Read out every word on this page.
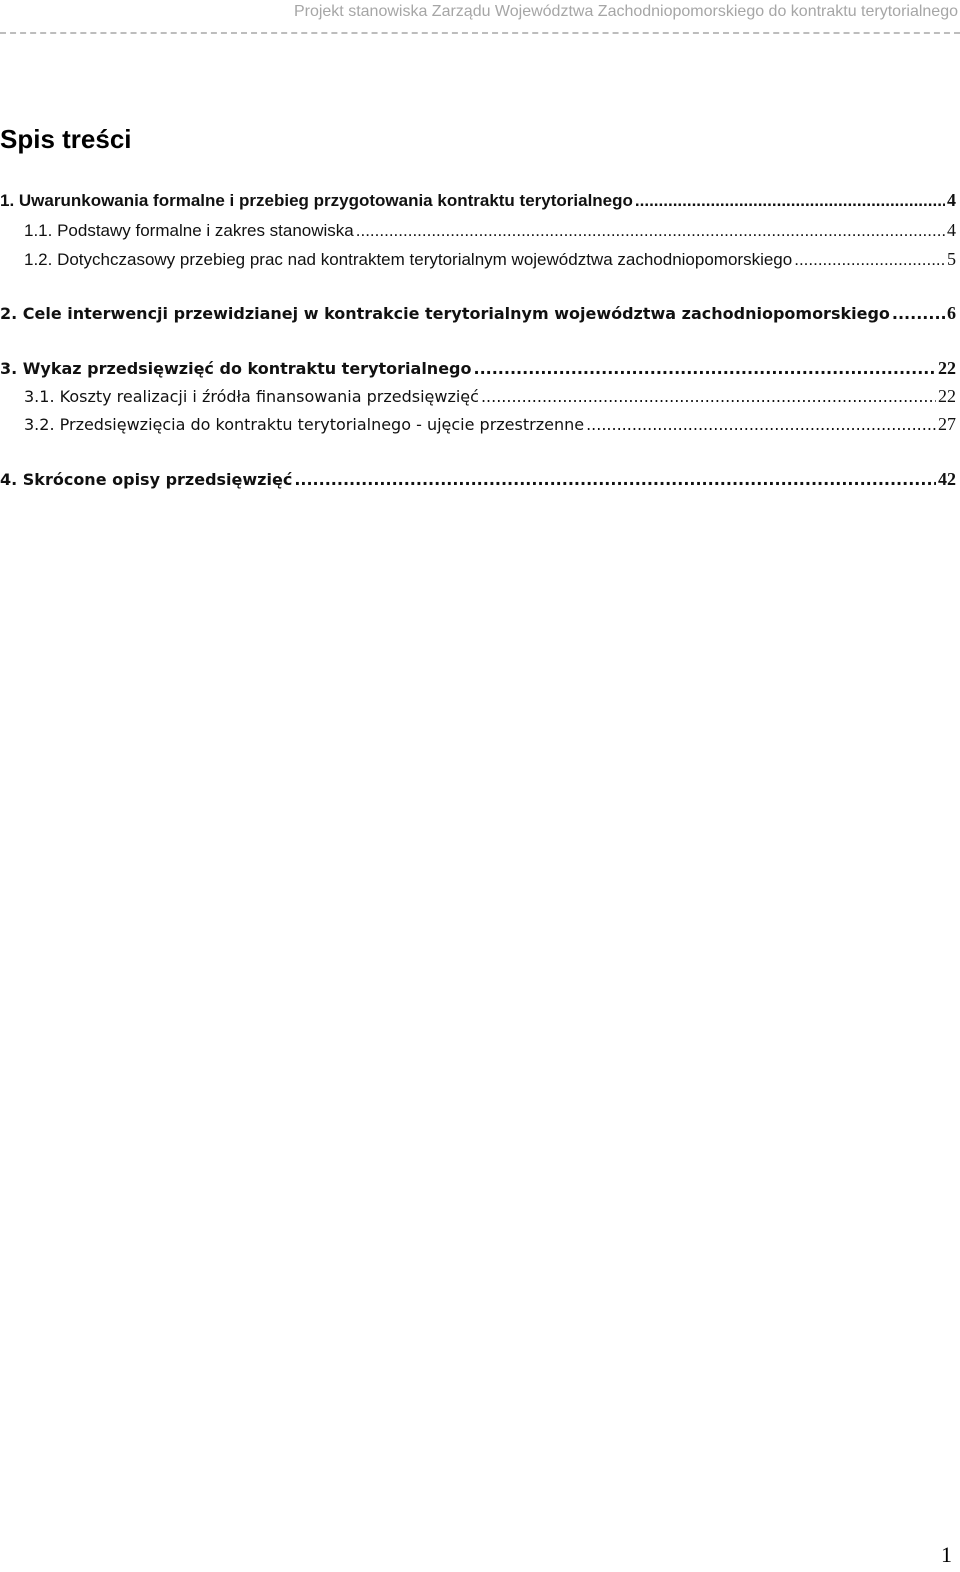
Projekt stanowiska Zarządu Województwa Zachodniopomorskiego do kontraktu terytorialnego
Spis treści
1. Uwarunkowania formalne i przebieg przygotowania kontraktu terytorialnego .....	4
1.1. Podstawy formalne i zakres stanowiska .....	4
1.2. Dotychczasowy przebieg prac nad kontraktem terytorialnym województwa zachodniopomorskiego .....	5
2. Cele interwencji przewidzianej w kontrakcie terytorialnym województwa zachodniopomorskiego .....	6
3. Wykaz przedsięwzięć do kontraktu terytorialnego .....	22
3.1. Koszty realizacji i źródła finansowania przedsięwzięć .....	22
3.2. Przedsięwzięcia do kontraktu terytorialnego - ujęcie przestrzenne .....	27
4. Skrócone opisy przedsięwzięć .....	42
1
